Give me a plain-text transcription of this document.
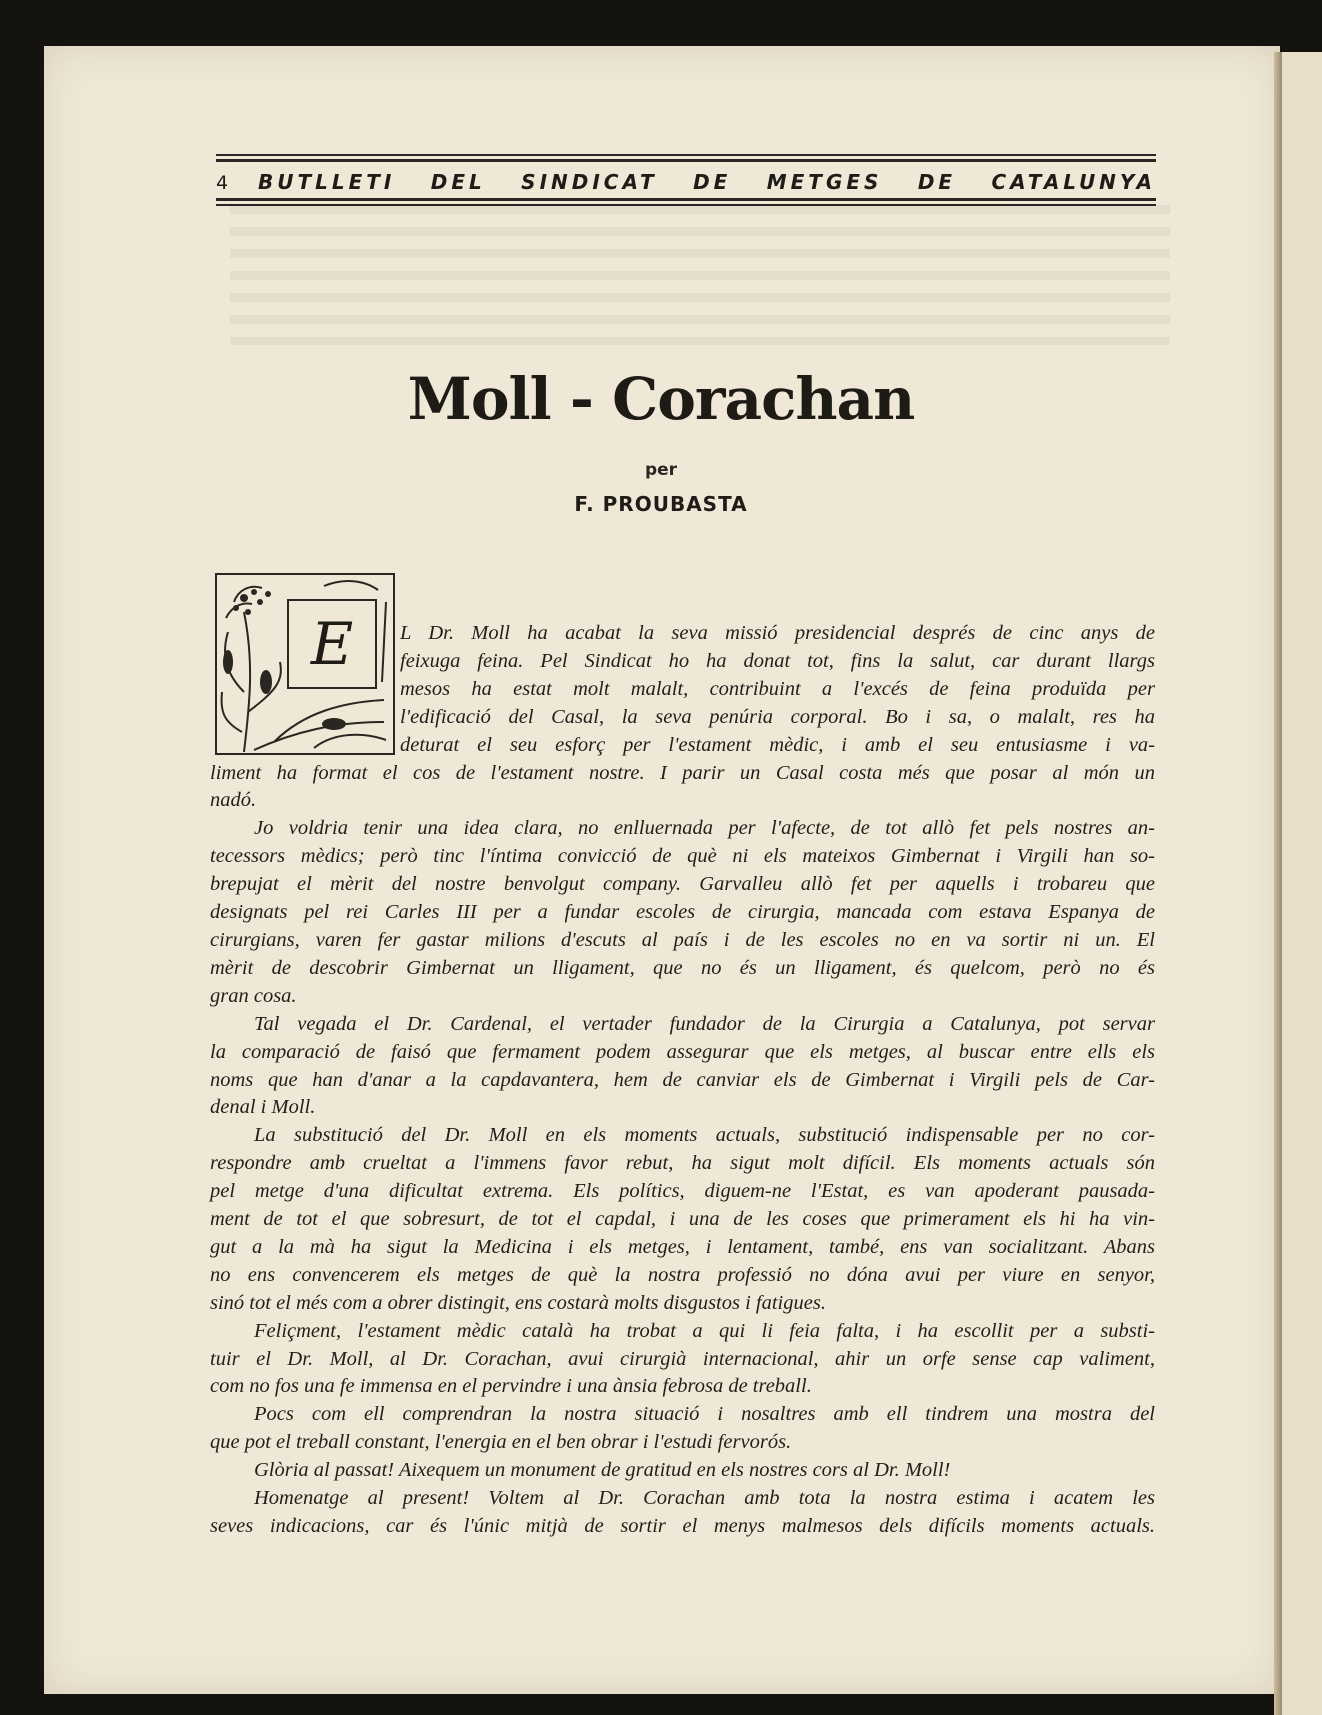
4 BUTLLETI DEL SINDICAT DE METGES DE CATALUNYA
Moll - Corachan
per
F. PROUBASTA
E	L Dr. Moll ha acabat la seva missió presidencial després de cinc anys de
feixuga feina. Pel Sindicat ho ha donat tot, fins la salut, car durant llargs
mesos ha estat molt malalt, contribuint a l'excés de feina produïda per
l'edificació del Casal, la seva penúria corporal. Bo i sa, o malalt, res ha
deturat el seu esforç per l'estament mèdic, i amb el seu entusiasme i va-
liment ha format el cos de l'estament nostre. I parir un Casal costa més que posar al món un
nadó.
Jo voldria tenir una idea clara, no enlluernada per l'afecte, de tot allò fet pels nostres an-
tecessors mèdics; però tinc l'íntima convicció de què ni els mateixos Gimbernat i Virgili han so-
brepujat el mèrit del nostre benvolgut company. Garvalleu allò fet per aquells i trobareu que
designats pel rei Carles III per a fundar escoles de cirurgia, mancada com estava Espanya de
cirurgians, varen fer gastar milions d'escuts al país i de les escoles no en va sortir ni un. El
mèrit de descobrir Gimbernat un lligament, que no és un lligament, és quelcom, però no és
gran cosa.
Tal vegada el Dr. Cardenal, el vertader fundador de la Cirurgia a Catalunya, pot servar
la comparació de faisó que fermament podem assegurar que els metges, al buscar entre ells els
noms que han d'anar a la capdavantera, hem de canviar els de Gimbernat i Virgili pels de Car-
denal i Moll.
La substitució del Dr. Moll en els moments actuals, substitució indispensable per no cor-
respondre amb crueltat a l'immens favor rebut, ha sigut molt difícil. Els moments actuals són
pel metge d'una dificultat extrema. Els polítics, diguem-ne l'Estat, es van apoderant pausada-
ment de tot el que sobresurt, de tot el capdal, i una de les coses que primerament els hi ha vin-
gut a la mà ha sigut la Medicina i els metges, i lentament, també, ens van socialitzant. Abans
no ens convencerem els metges de què la nostra professió no dóna avui per viure en senyor,
sinó tot el més com a obrer distingit, ens costarà molts disgustos i fatigues.
Feliçment, l'estament mèdic català ha trobat a qui li feia falta, i ha escollit per a substi-
tuir el Dr. Moll, al Dr. Corachan, avui cirurgià internacional, ahir un orfe sense cap valiment,
com no fos una fe immensa en el pervindre i una ànsia febrosa de treball.
Pocs com ell comprendran la nostra situació i nosaltres amb ell tindrem una mostra del
que pot el treball constant, l'energia en el ben obrar i l'estudi fervorós.
Glòria al passat! Aixequem un monument de gratitud en els nostres cors al Dr. Moll!
Homenatge al present! Voltem al Dr. Corachan amb tota la nostra estima i acatem les
seves indicacions, car és l'únic mitjà de sortir el menys malmesos dels difícils moments actuals.
